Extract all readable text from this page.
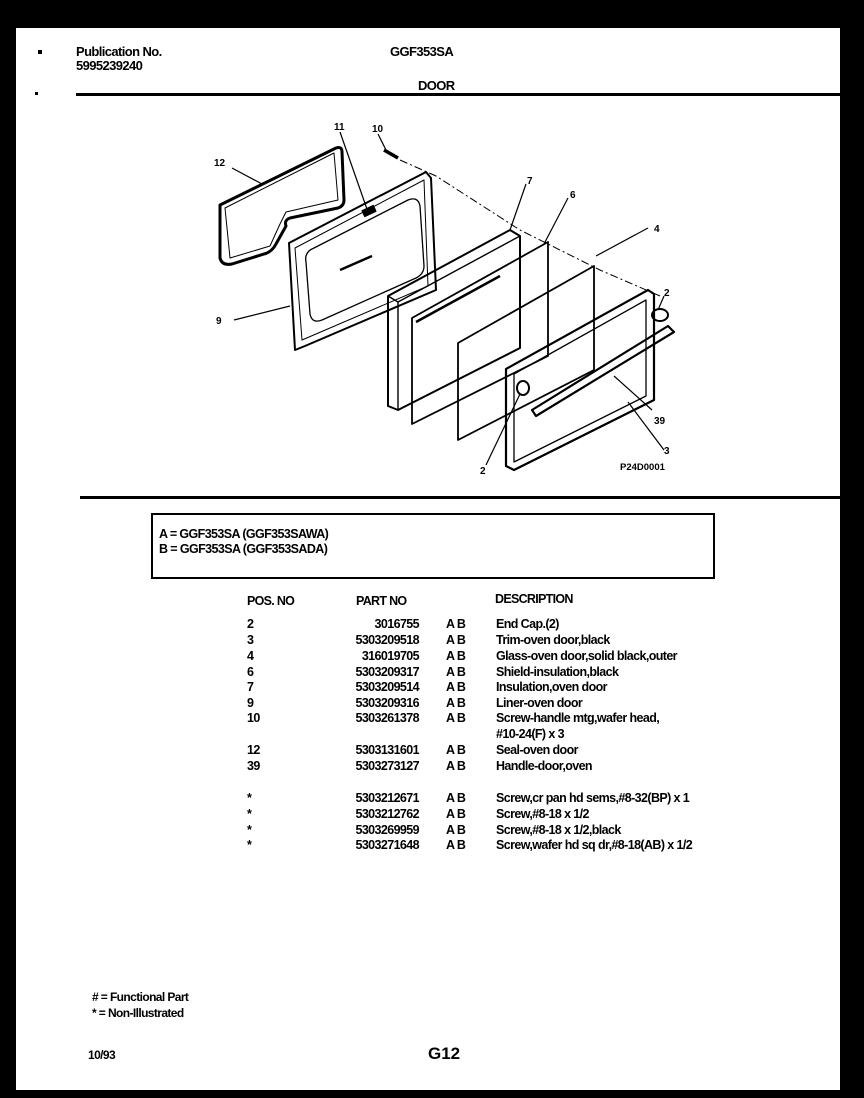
Publication No.
5995239240
GGF353SA
DOOR
12
11	10
7
6
4
2
9
39
3
2	P24D0001
A = GGF353SA (GGF353SAWA)
B = GGF353SA (GGF353SADA)
POS. NO	PART NO	DESCRIPTION
2	3016755 A B End Cap.(2)
3	5303209518 A B Trim-oven door,black
4	316019705 A B Glass-oven door,solid black,outer
6	5303209317 A B Shield-insulation,black
7	5303209514 A B Insulation,oven door
9	5303209316 A B Liner-oven door
10	5303261378 A B Screw-handle mtg,wafer head,
#10-24(F) x 3
12	5303131601 A B Seal-oven door
39	5303273127 A B Handle-door,oven
*	5303212671 A B Screw,cr pan hd sems,#8-32(BP) x 1
*	5303212762 A B Screw,#8-18 x 1/2
*	5303269959 A B Screw,#8-18 x 1/2,black
*	5303271648 A B Screw,wafer hd sq dr,#8-18(AB) x 1/2
# = Functional Part
* = Non-Illustrated
10/93	G12
